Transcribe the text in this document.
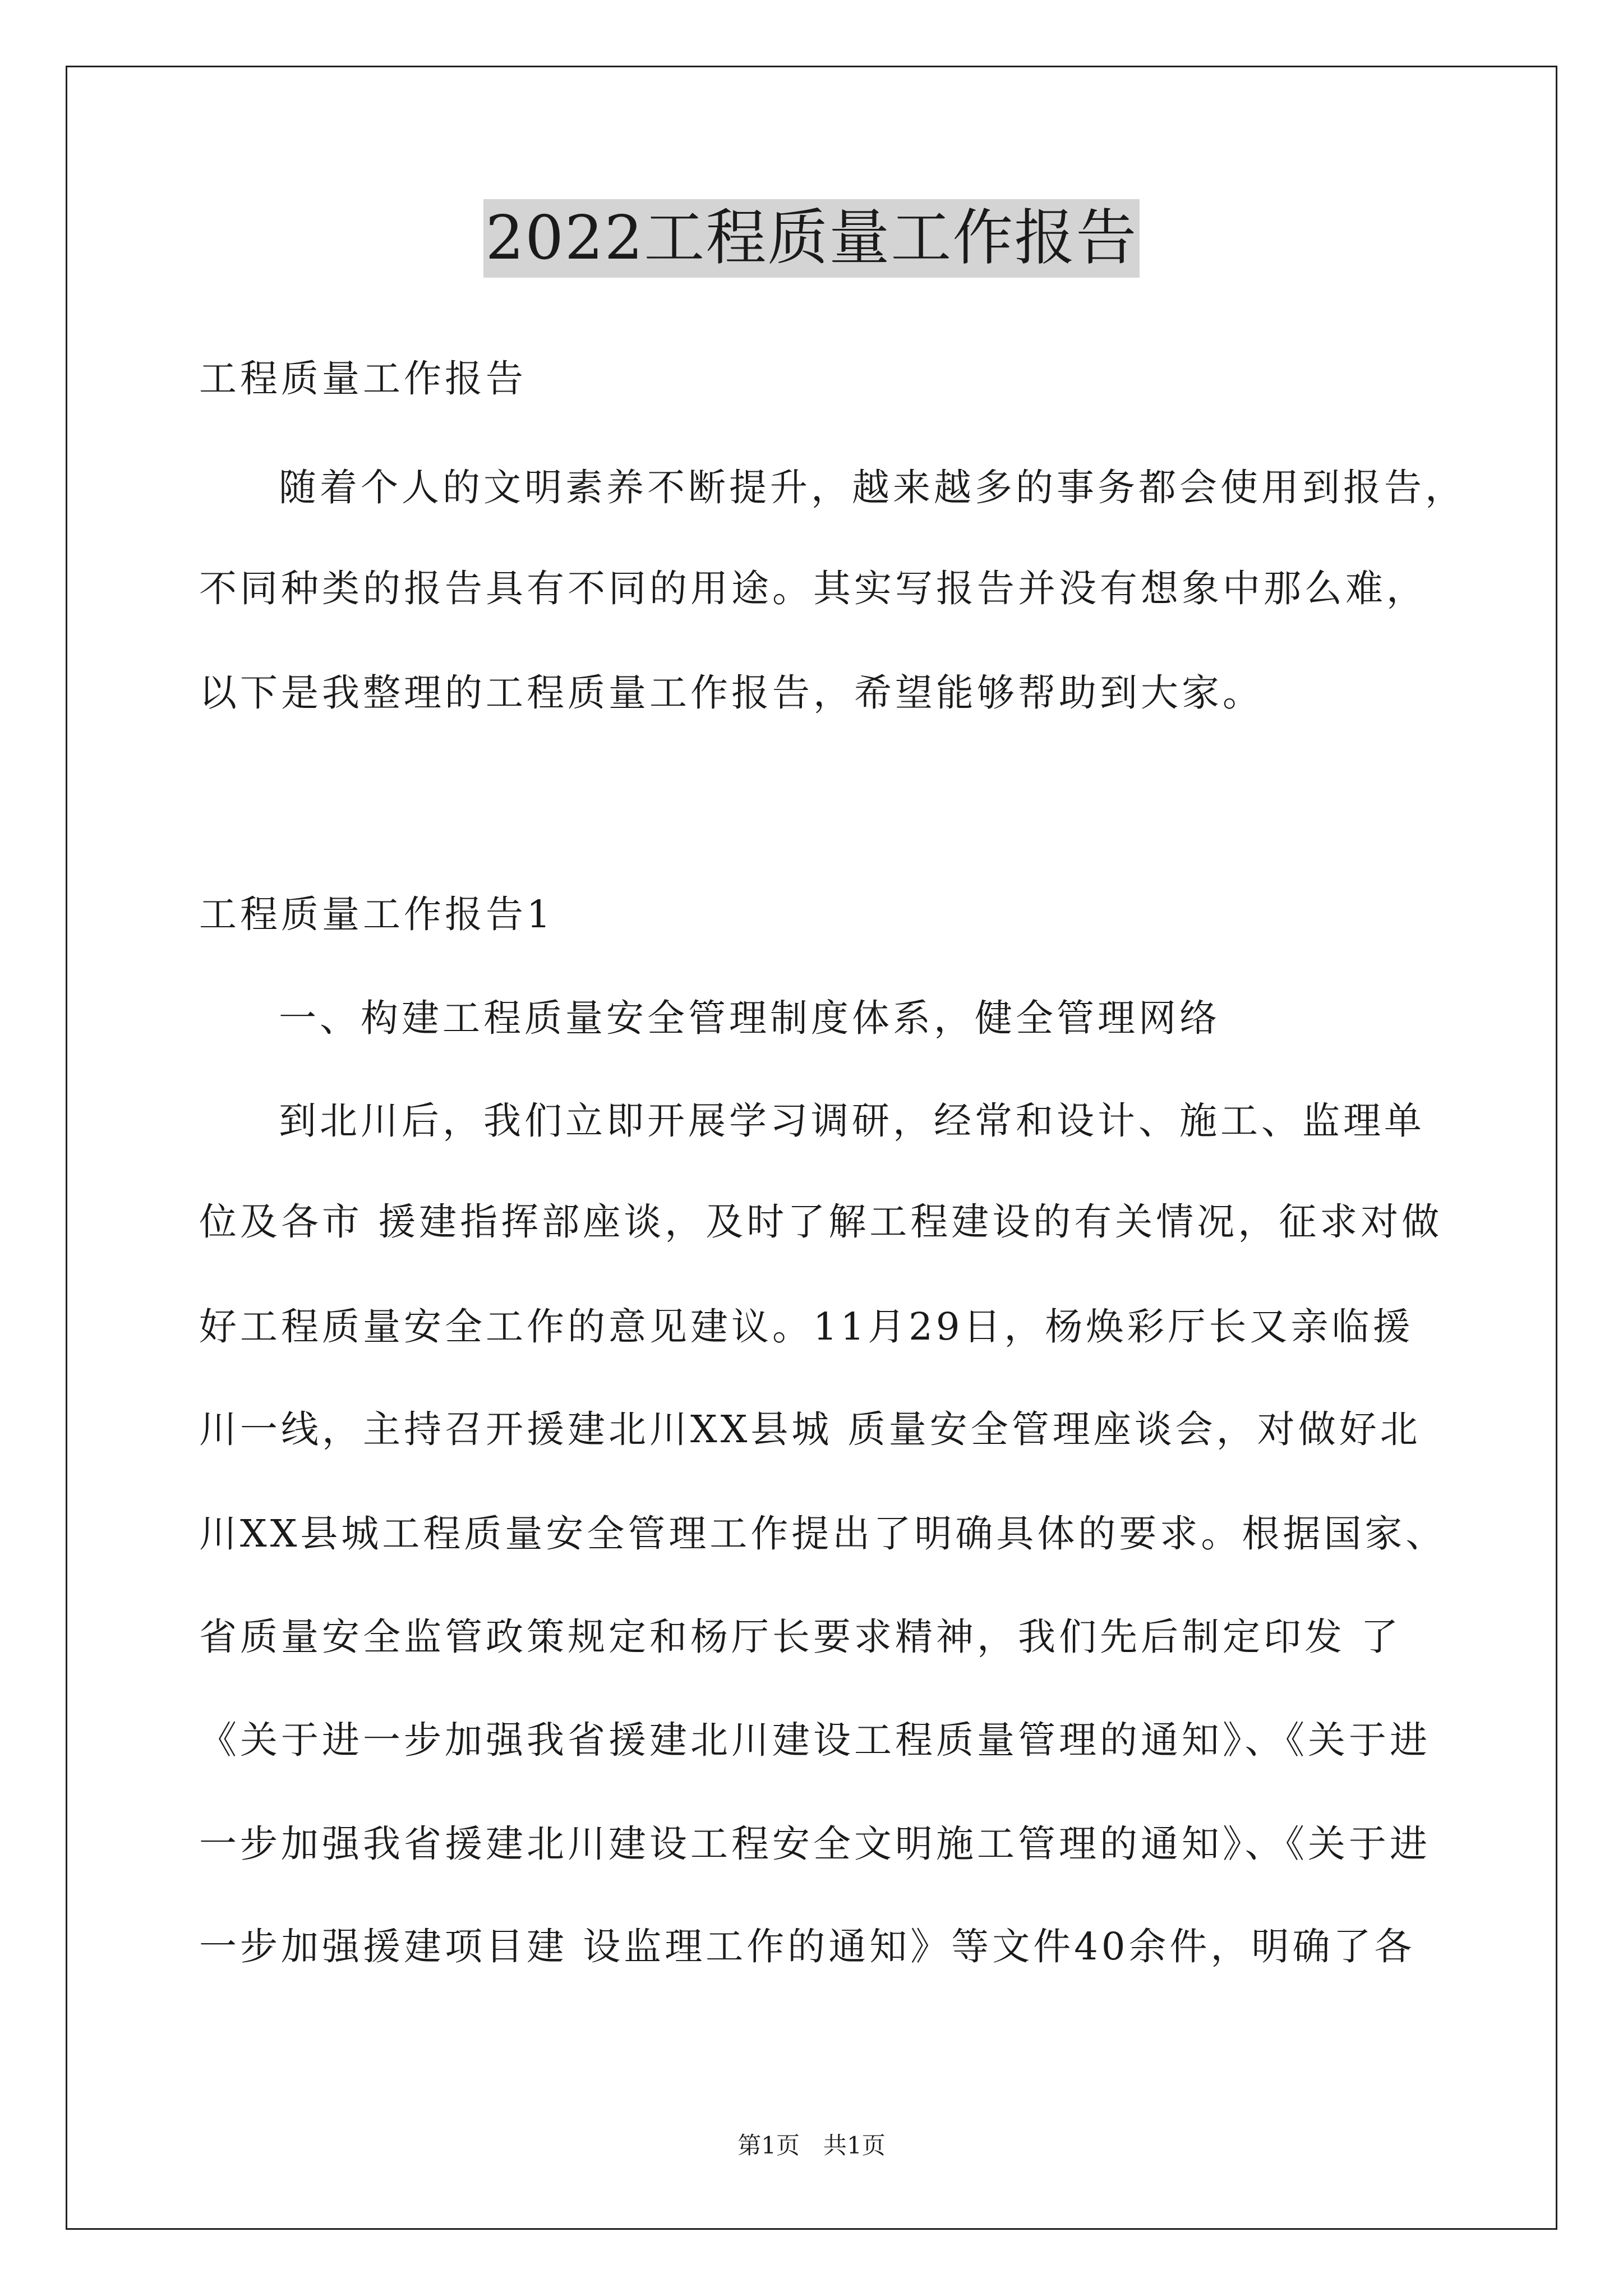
2022工程质量工作报告
工程质量工作报告
随着个人的文明素养不断提升，越来越多的事务都会使用到报告，
不同种类的报告具有不同的用途。其实写报告并没有想象中那么难，
以下是我整理的工程质量工作报告，希望能够帮助到大家。
工程质量工作报告1
一、构建工程质量安全管理制度体系，健全管理网络
到北川后，我们立即开展学习调研，经常和设计、施工、监理单
位及各市 援建指挥部座谈，及时了解工程建设的有关情况，征求对做
好工程质量安全工作的意见建议。11月29日，杨焕彩厅长又亲临援
川一线，主持召开援建北川XX县城 质量安全管理座谈会，对做好北
川XX县城工程质量安全管理工作提出了明确具体的要求。根据国家、
省质量安全监管政策规定和杨厅长要求精神，我们先后制定印发 了
《关于进一步加强我省援建北川建设工程质量管理的通知》、《关于进
一步加强我省援建北川建设工程安全文明施工管理的通知》、《关于进
一步加强援建项目建 设监理工作的通知》等文件40余件，明确了各
第1页　共1页
